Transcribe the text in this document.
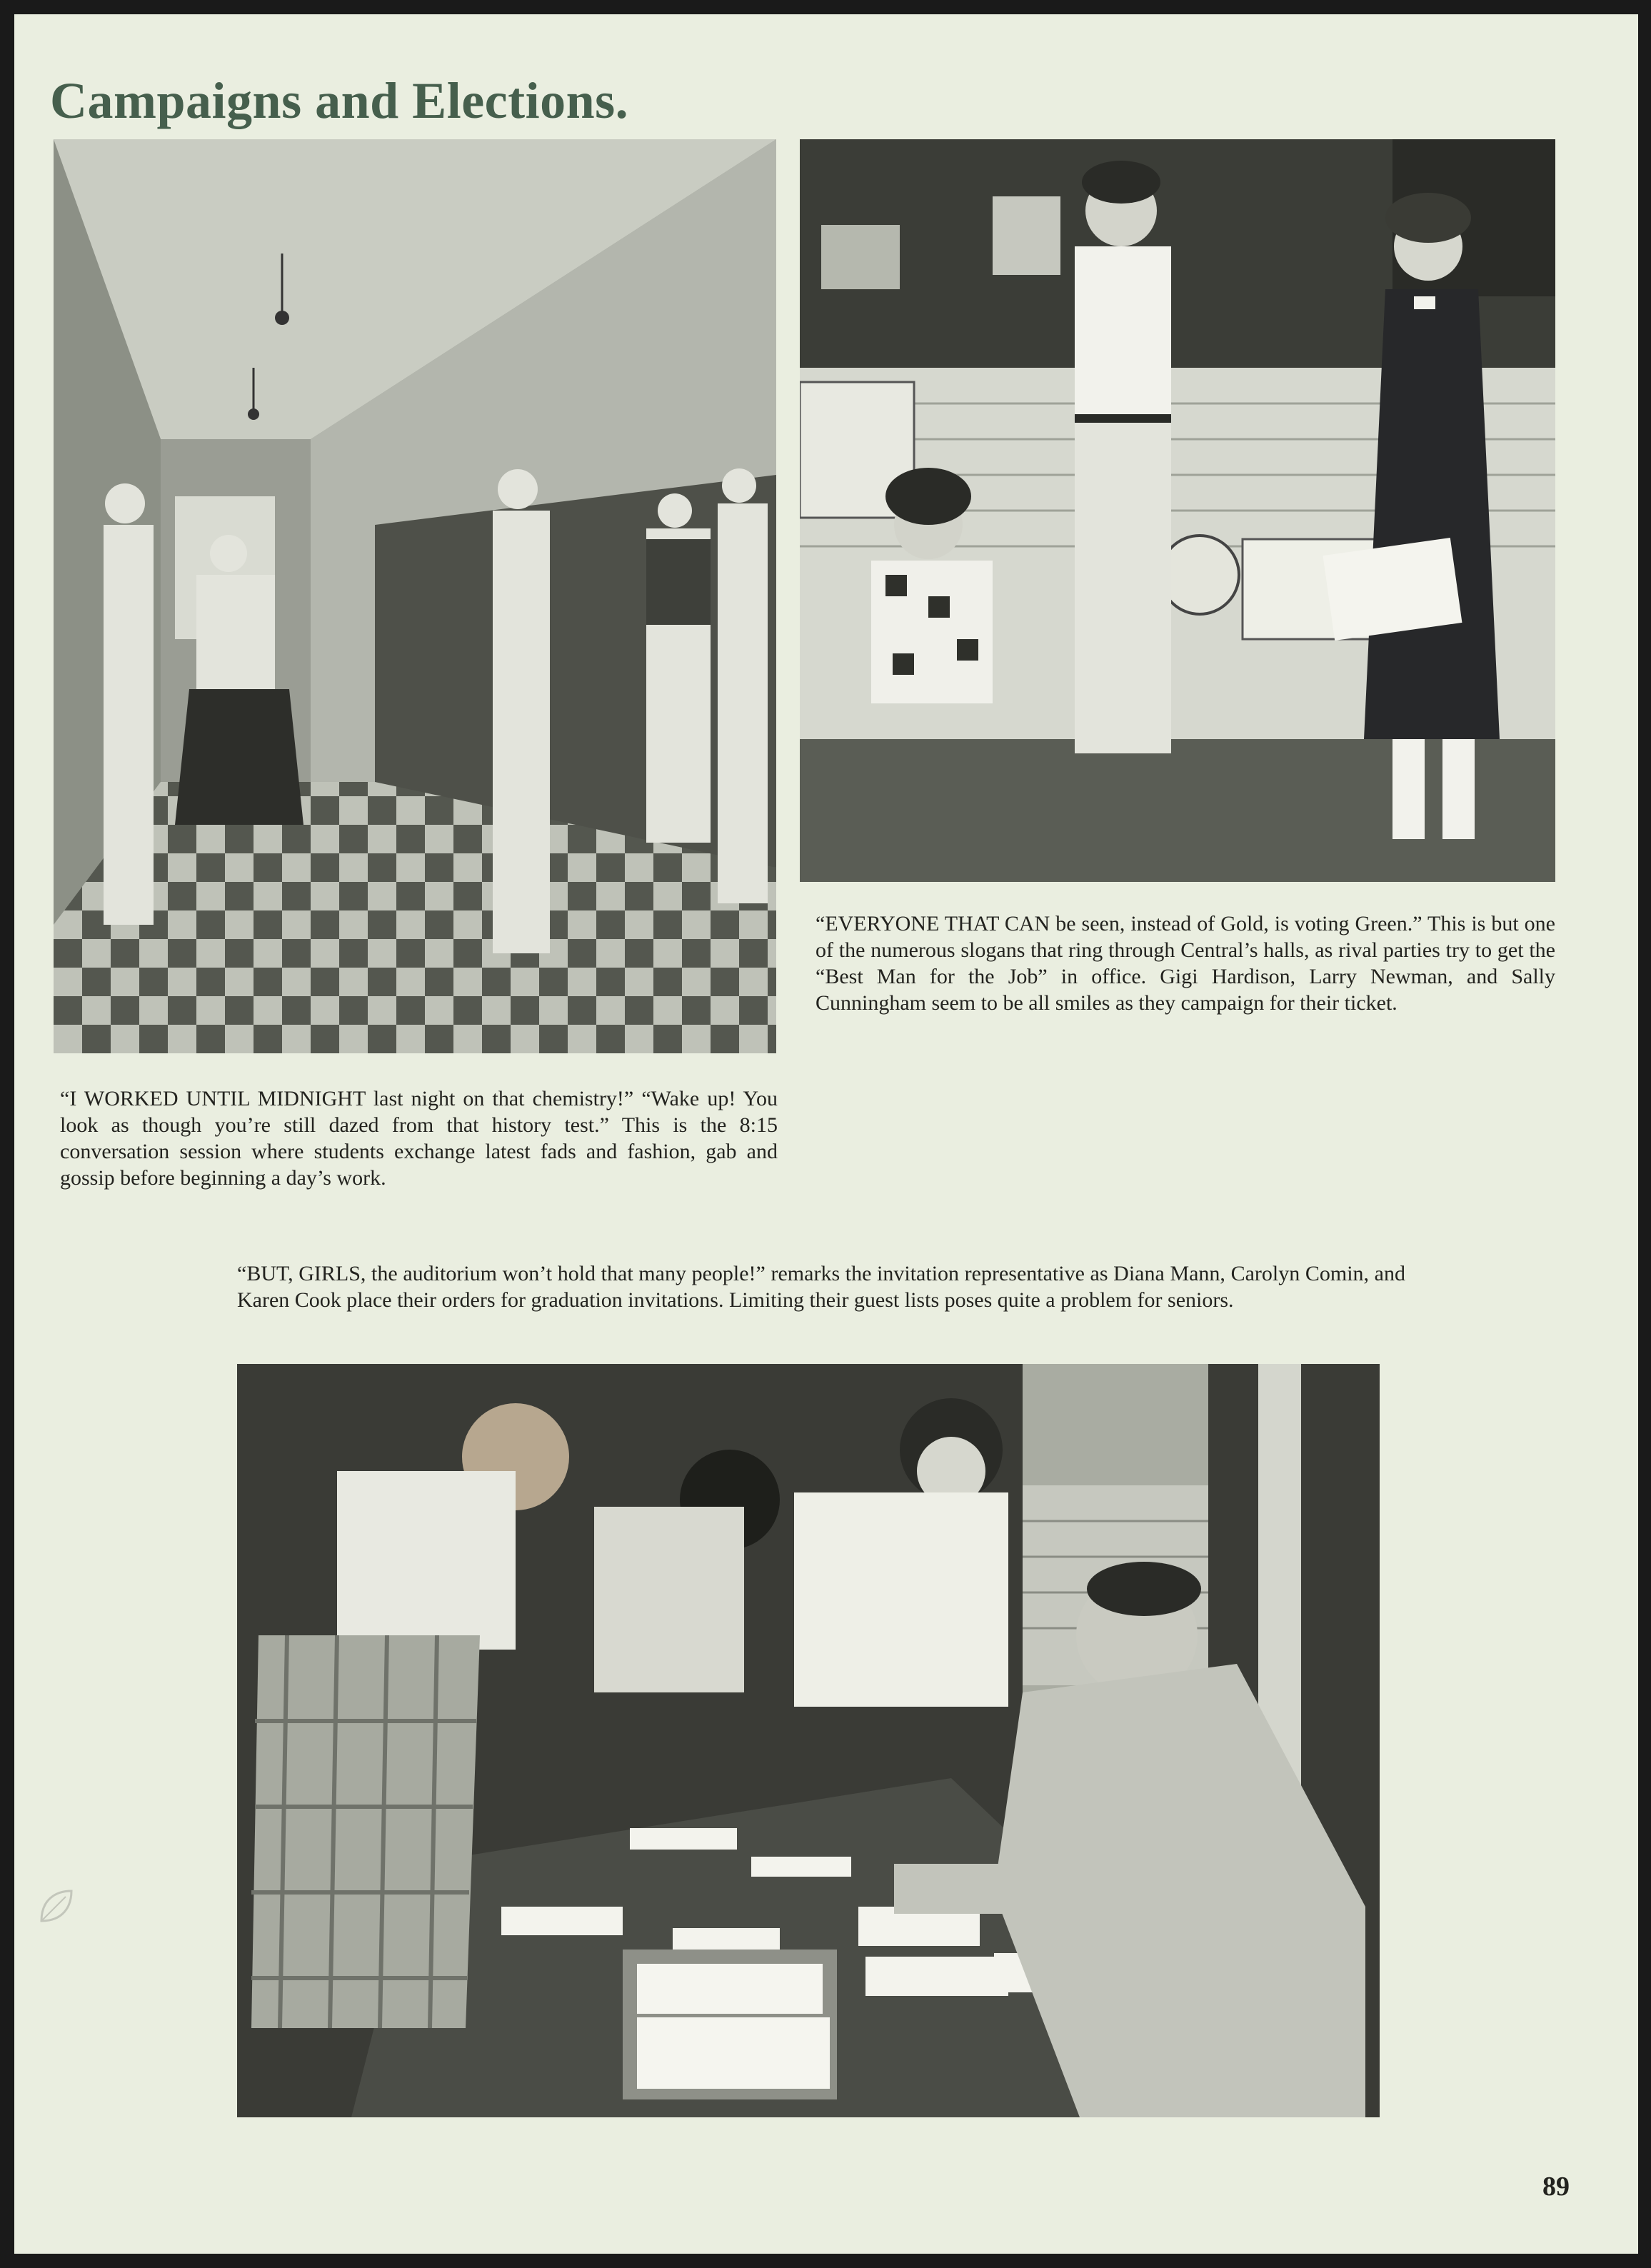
Campaigns and Elections.

“EVERYONE THAT CAN be seen, instead of Gold, is voting Green.” This is but one of the numerous slogans that ring through Central’s halls, as rival parties try to get the “Best Man for the Job” in office. Gigi Hardison, Larry Newman, and Sally Cunningham seem to be all smiles as they campaign for their ticket.

“I WORKED UNTIL MIDNIGHT last night on that chemistry!” “Wake up! You look as though you’re still dazed from that history test.” This is the 8:15 conversation session where students exchange latest fads and fashion, gab and gossip before beginning a day’s work.

“BUT, GIRLS, the auditorium won’t hold that many people!” remarks the invitation representative as Diana Mann, Carolyn Comin, and Karen Cook place their orders for graduation invitations. Limiting their guest lists poses quite a problem for seniors.

89
